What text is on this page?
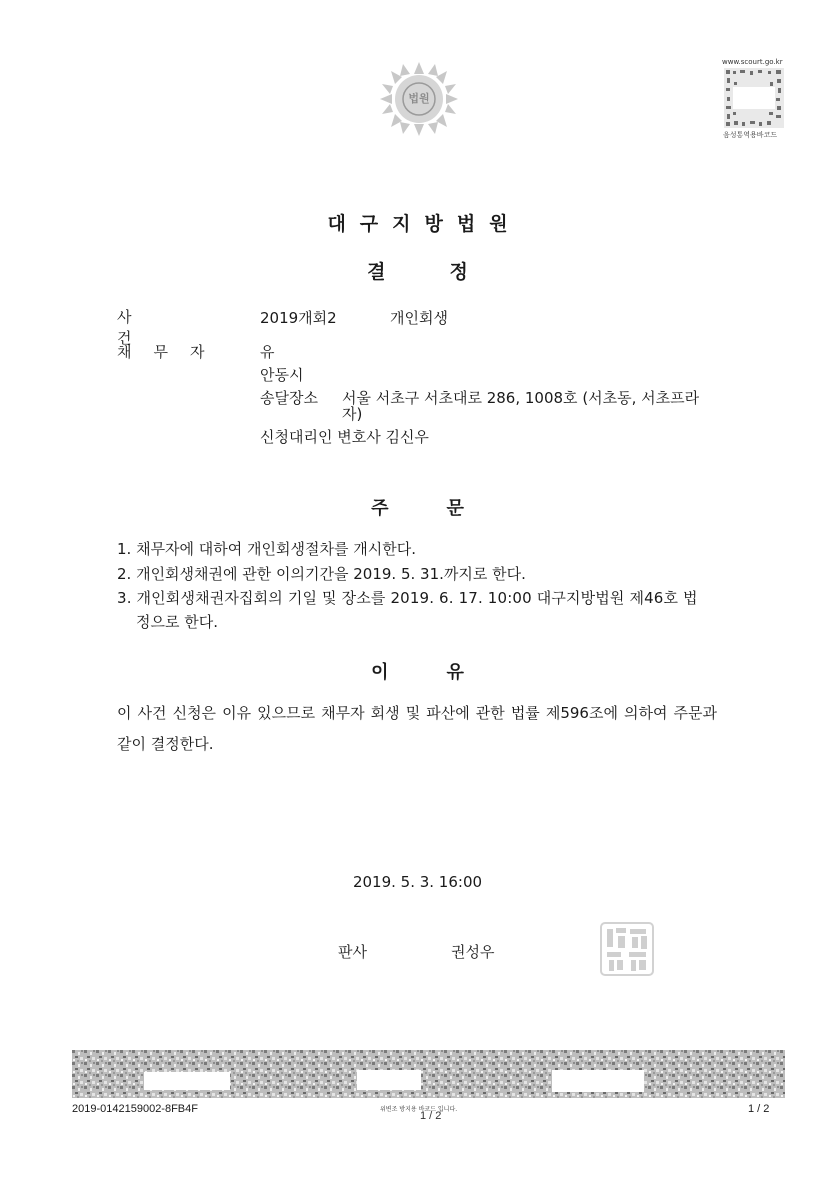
법원
www.scourt.go.kr
음성통역용바코드
대구지방법원
결정
사건
2019개회2	개인회생
채무자 유
안동시
송달장소 서울 서초구 서초대로 286, 1008호 (서초동, 서초프라
자)
신청대리인 변호사 김신우
주문
1. 채무자에 대하여 개인회생절차를 개시한다.
2. 개인회생채권에 관한 이의기간을 2019. 5. 31.까지로 한다.
3. 개인회생채권자집회의 기일 및 장소를 2019. 6. 17. 10:00 대구지방법원 제46호 법
정으로 한다.
이유
이 사건 신청은 이유 있으므로 채무자 회생 및 파산에 관한 법률 제596조에 의하여 주문과 같이 결정한다.
2019. 5. 3. 16:00
판사	권성우
權
2019-0142159002-8FB4F	위변조 방지용 바코드 입니다.
1 / 2
1 / 2
